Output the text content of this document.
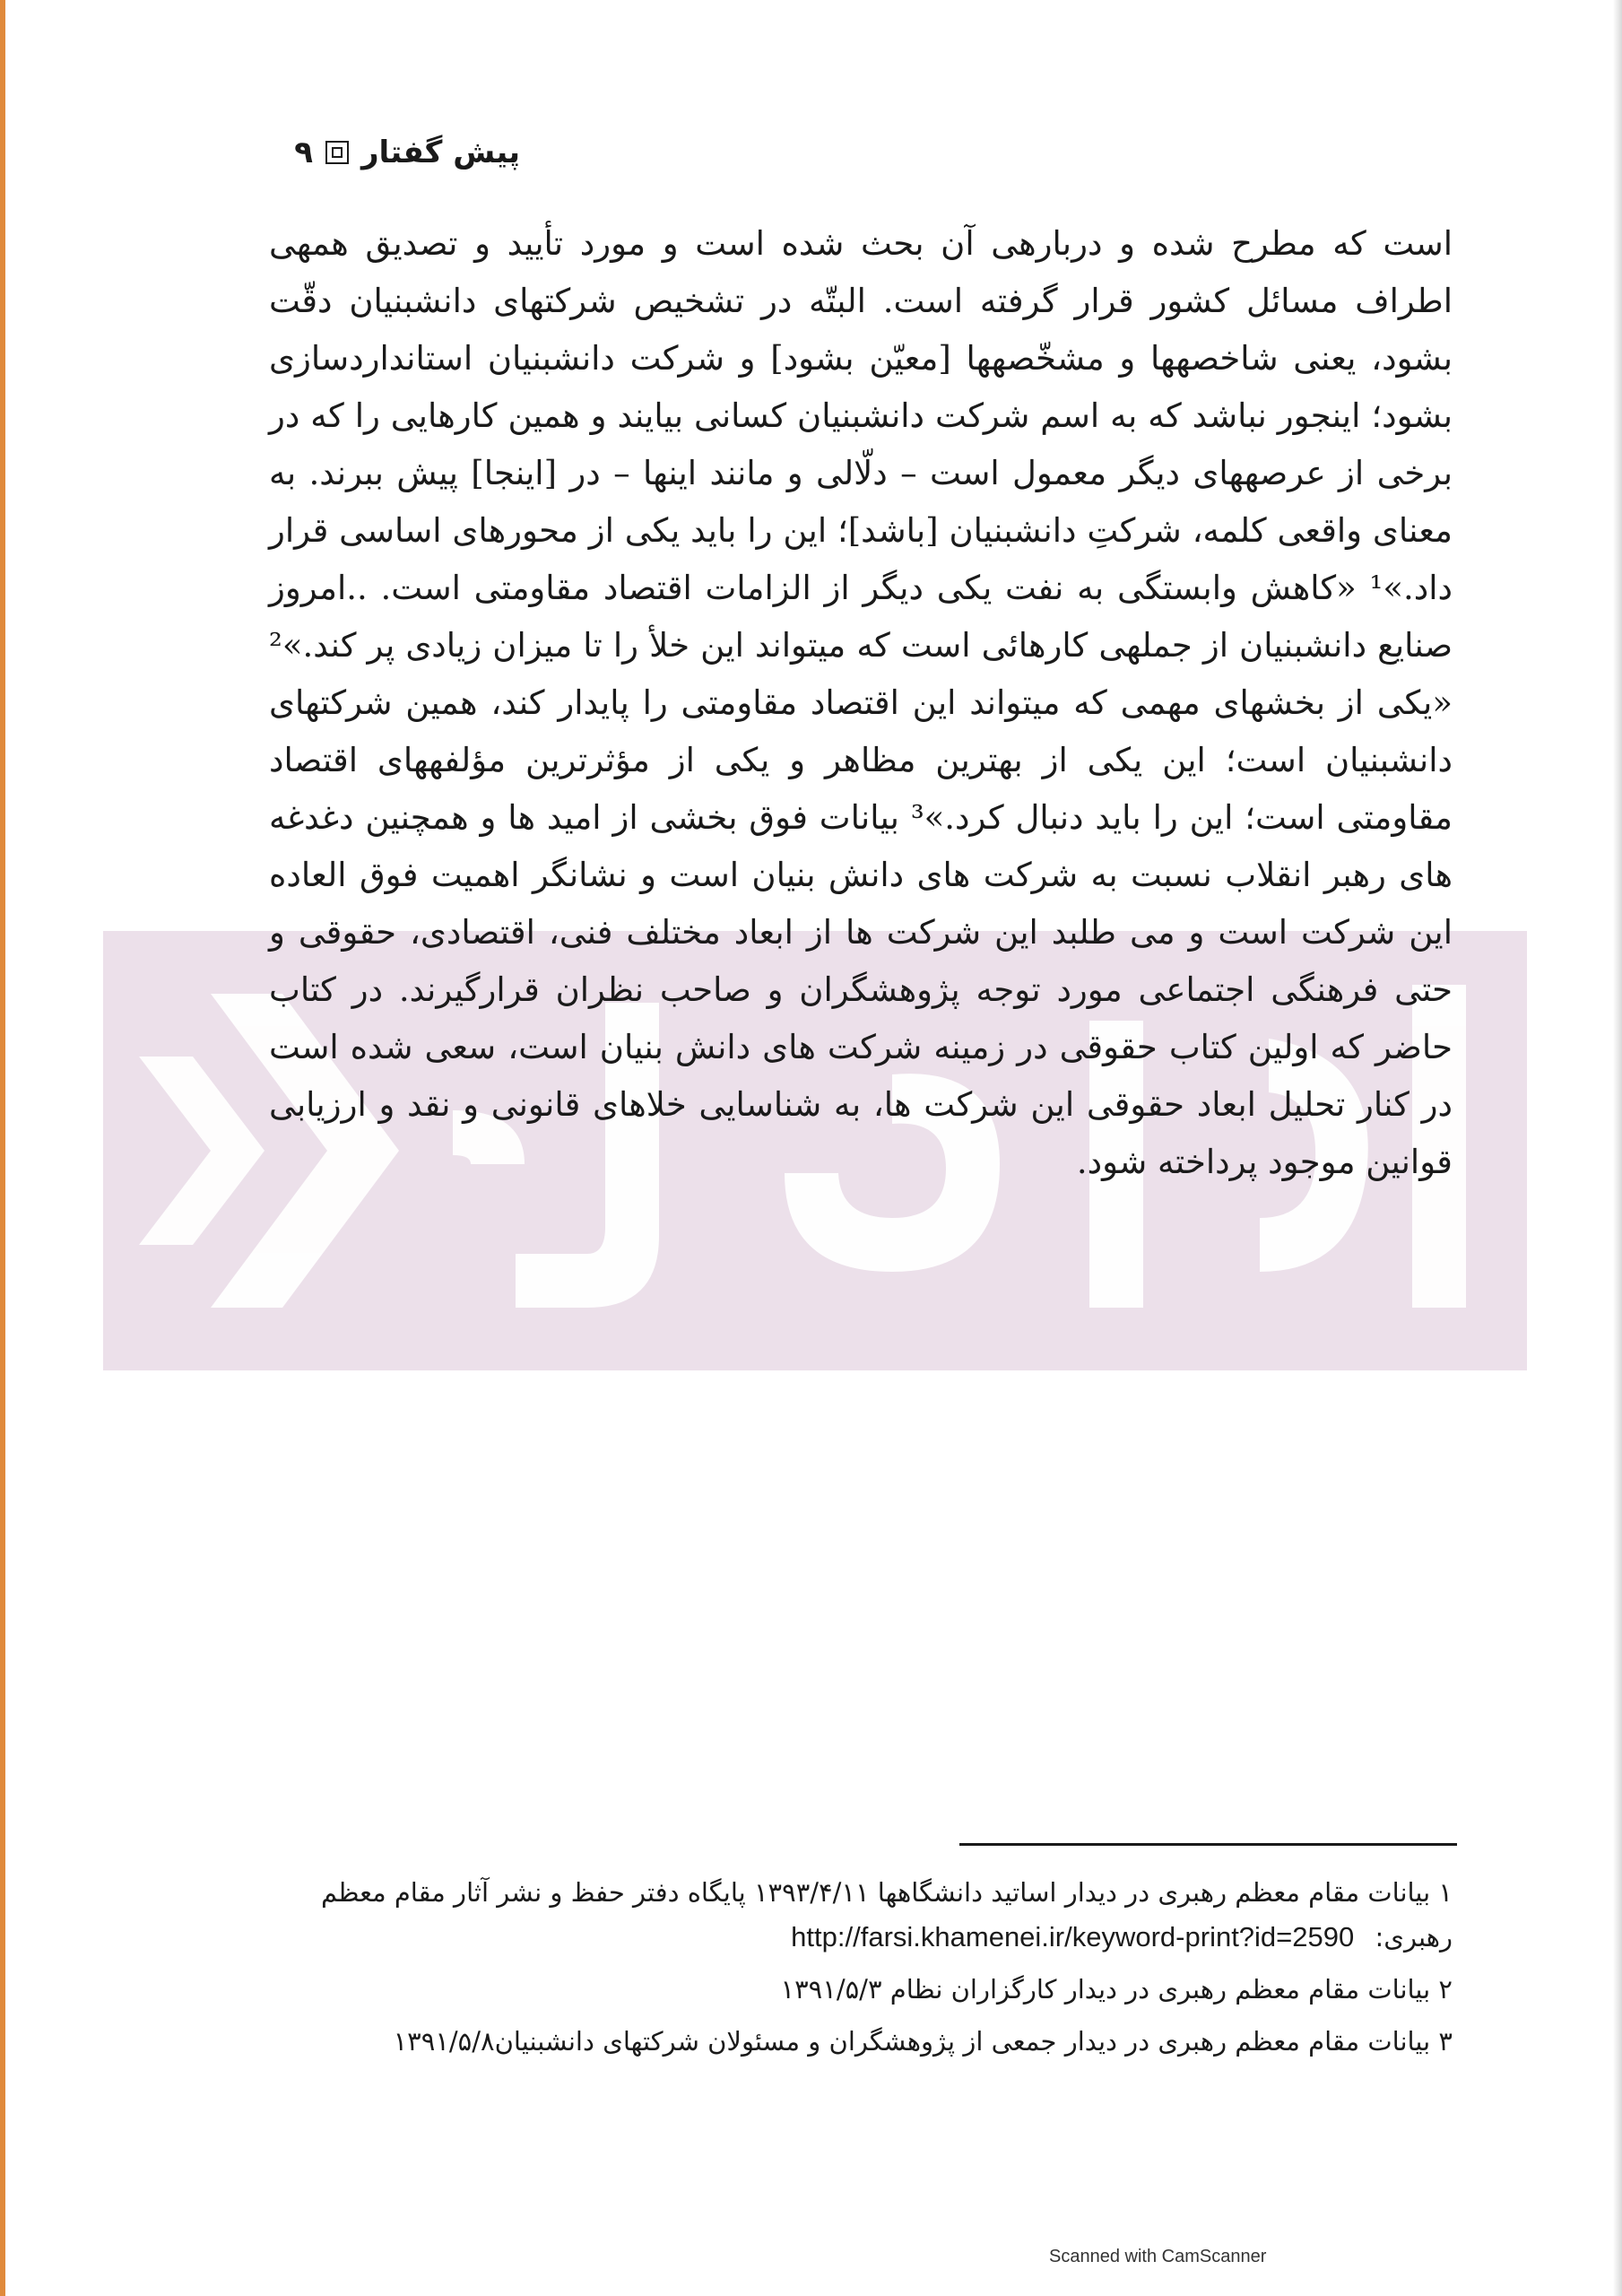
پیش گفتار
۹

است که مطرح شده و دربارهی آن بحث شده است و مورد تأیید و تصدیق همهی اطراف مسائل کشور قرار گرفته است. البتّه در تشخیص شرکتهای دانشبنیان دقّت بشود، یعنی شاخصهها و مشخّصهها [معیّن بشود] و شرکت دانشبنیان استانداردسازی بشود؛ اینجور نباشد که به اسم شرکت دانشبنیان کسانی بیایند و همین کارهایی را که در برخی از عرصههای دیگر معمول است – دلّالی و مانند اینها – در [اینجا] پیش ببرند. به معنای واقعی کلمه، شرکتِ دانشبنیان [باشد]؛ این را باید یکی از محورهای اساسی قرار داد.»¹ «کاهش وابستگی به نفت یکی دیگر از الزامات اقتصاد مقاومتی است. ..امروز صنایع دانشبنیان از جملهی کارهائی است که میتواند این خلأ را تا میزان زیادی پر کند.»² «یکی از بخشهای مهمی که میتواند این اقتصاد مقاومتی را پایدار کند، همین شرکتهای دانشبنیان است؛ این یکی از بهترین مظاهر و یکی از مؤثرترین مؤلفههای اقتصاد مقاومتی است؛ این را باید دنبال کرد.»³ بیانات فوق بخشی از امید ها و همچنین دغدغه های رهبر انقلاب نسبت به شرکت های دانش بنیان است و نشانگر اهمیت فوق العاده این شرکت است و می طلبد این شرکت ها از ابعاد مختلف فنی، اقتصادی، حقوقی و حتی فرهنگی اجتماعی مورد توجه پژوهشگران و صاحب نظران قرارگیرند. در کتاب حاضر که اولین کتاب حقوقی در زمینه شرکت های دانش بنیان است، سعی شده است در کنار تحلیل ابعاد حقوقی این شرکت ها، به شناسایی خلاهای قانونی و نقد و ارزیابی قوانین موجود پرداخته شود.

۱ بیانات مقام معظم رهبری در دیدار اساتید دانشگاهها ۱۳۹۳/۴/۱۱ پایگاه دفتر حفظ و نشر آثار مقام معظم رهبری: http://farsi.khamenei.ir/keyword-print?id=2590

۲ بیانات مقام معظم رهبری در دیدار کارگزاران نظام ۱۳۹۱/۵/۳

۳ بیانات مقام معظم رهبری در دیدار جمعی از پژوهشگران و مسئولان شرکتهای دانشبنیان۱۳۹۱/۵/۸

Scanned with CamScanner
